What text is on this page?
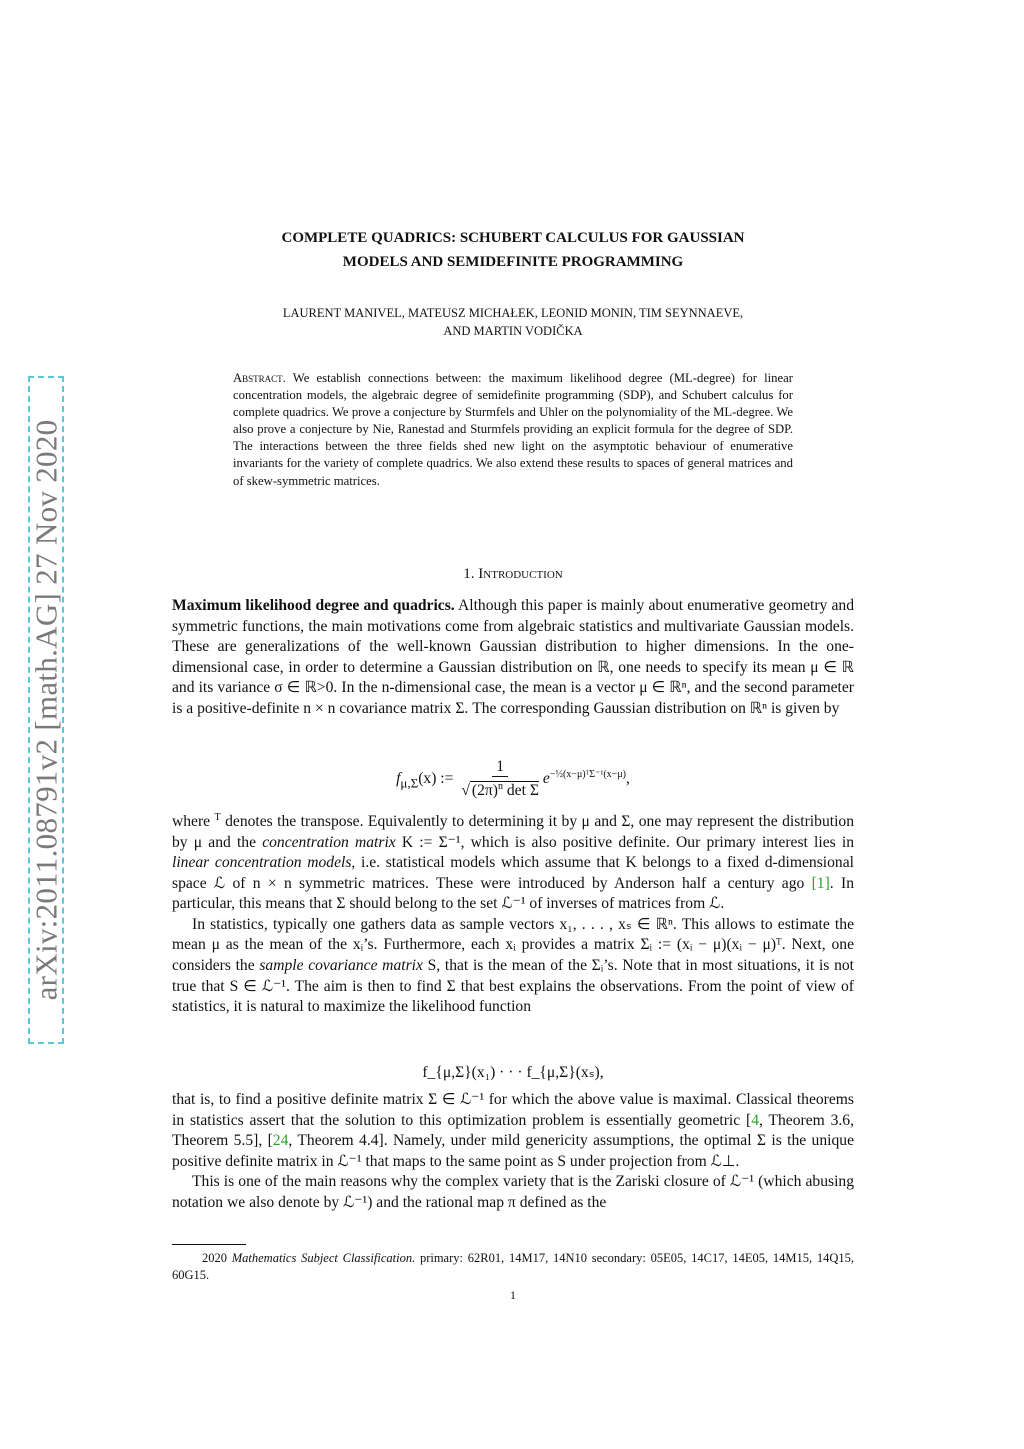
arXiv:2011.08791v2 [math.AG] 27 Nov 2020
COMPLETE QUADRICS: SCHUBERT CALCULUS FOR GAUSSIAN
MODELS AND SEMIDEFINITE PROGRAMMING
LAURENT MANIVEL, MATEUSZ MICHAŁEK, LEONID MONIN, TIM SEYNNAEVE,
AND MARTIN VODIČKA
Abstract. We establish connections between: the maximum likelihood degree (ML-degree) for linear concentration models, the algebraic degree of semidefinite programming (SDP), and Schubert calculus for complete quadrics. We prove a conjecture by Sturmfels and Uhler on the polynomiality of the ML-degree. We also prove a conjecture by Nie, Ranestad and Sturmfels providing an explicit formula for the degree of SDP. The interactions between the three fields shed new light on the asymptotic behaviour of enumerative invariants for the variety of complete quadrics. We also extend these results to spaces of general matrices and of skew-symmetric matrices.
1. Introduction

Maximum likelihood degree and quadrics. Although this paper is mainly about enumerative geometry and symmetric functions, the main motivations come from algebraic statistics and multivariate Gaussian models. These are generalizations of the well-known Gaussian distribution to higher dimensions. In the one-dimensional case, in order to determine a Gaussian distribution on ℝ, one needs to specify its mean μ ∈ ℝ and its variance σ ∈ ℝ>0. In the n-dimensional case, the mean is a vector μ ∈ ℝⁿ, and the second parameter is a positive-definite n × n covariance matrix Σ. The corresponding Gaussian distribution on ℝⁿ is given by

$f_{\mu,\Sigma}(x)$ := $\frac{1}{√ (2\pi)^n \det \Sigma} e^{-\frac{1}{2}(x-\mu)ᵀ\Sigma^{-1}(x-\mu)}$,

where $^T$ denotes the transpose. Equivalently to determining it by μ and Σ, one may represent the distribution by μ and the concentration matrix K := Σ⁻¹, which is also positive definite. Our primary interest lies in linear concentration models, i.e. statistical models which assume that K belongs to a fixed d-dimensional space ℒ of n × n symmetric matrices. These were introduced by Anderson half a century ago [1]. In particular, this means that Σ should belong to the set ℒ⁻¹ of inverses of matrices from ℒ.

In statistics, typically one gathers data as sample vectors x₁, . . . , xₛ ∈ ℝⁿ. This allows to estimate the mean μ as the mean of the xᵢ’s. Furthermore, each xᵢ provides a matrix Σᵢ := (xᵢ − μ)(xᵢ − μ)ᵀ. Next, one considers the sample covariance matrix S, that is the mean of the Σᵢ’s. Note that in most situations, it is not true that S ∈ ℒ⁻¹. The aim is then to find Σ that best explains the observations. From the point of view of statistics, it is natural to maximize the likelihood function

f_{μ,Σ}(x₁) · · · f_{μ,Σ}(xₛ),

that is, to find a positive definite matrix Σ ∈ ℒ⁻¹ for which the above value is maximal. Classical theorems in statistics assert that the solution to this optimization problem is essentially geometric [4, Theorem 3.6, Theorem 5.5], [24, Theorem 4.4]. Namely, under mild genericity assumptions, the optimal Σ is the unique positive definite matrix in ℒ⁻¹ that maps to the same point as S under projection from ℒ⊥.

This is one of the main reasons why the complex variety that is the Zariski closure of ℒ⁻¹ (which abusing notation we also denote by ℒ⁻¹) and the rational map π defined as the

2020 Mathematics Subject Classification. primary: 62R01, 14M17, 14N10 secondary: 05E05, 14C17, 14E05, 14M15, 14Q15, 60G15.
1
